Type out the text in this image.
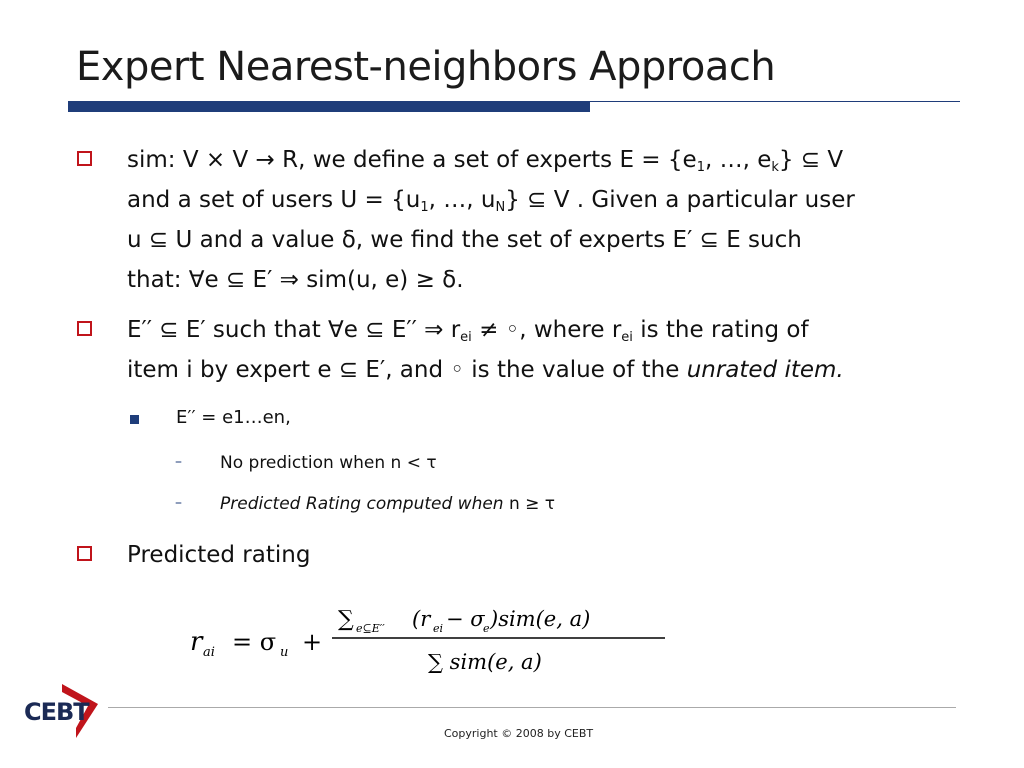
Expert Nearest-neighbors Approach
sim: V × V → R, we define a set of experts $E = \{e_1$, …, $e_k$} ⊆ V
and a set of users $U = \{u_1$, …, $u_N$} ⊆ V . Given a particular user
u ⊆ U and a value δ, we find the set of experts E′ ⊆ E such
that: ∀e ⊆ E′ ⇒ sim(u, e) ≥ δ.
E′′ ⊆ E′ such that ∀e ⊆ E′′ ⇒ $r_{ei}$ ≠ ◦, where $r_{ei}$ is the rating of
item i by expert e ⊆ E′, and ◦ is the value of the unrated item.
E′′ = e1…en,
– No prediction when n < τ
– Predicted Rating computed when n ≥ τ
Predicted rating
r ai = σ u +
∑ e⊆E′′ (r ei − σ
e )sim(e, a)
∑ sim(e, a)
Copyright © 2008 by CEBT
CEBT
